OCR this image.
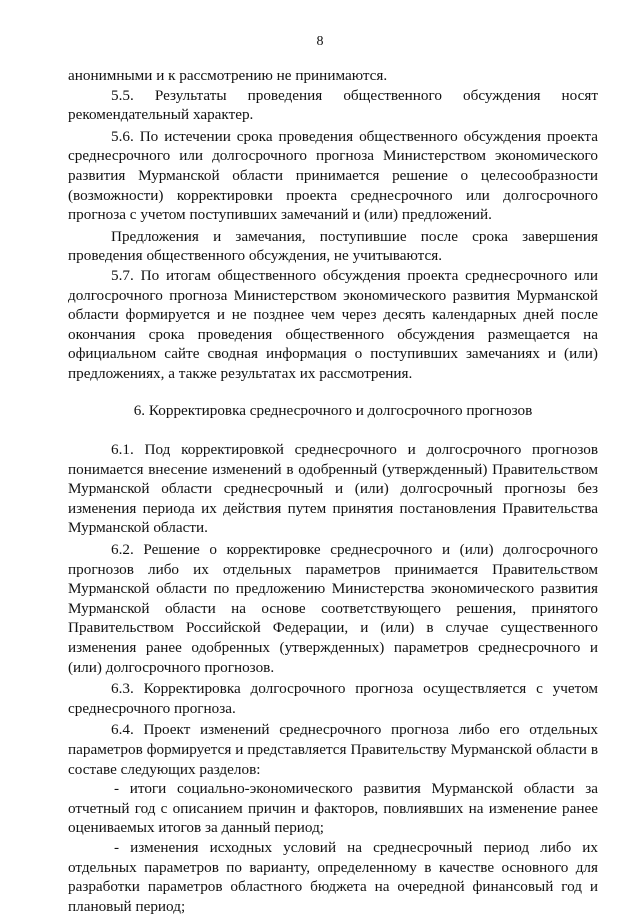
8

анонимными и к рассмотрению не принимаются.

5.5. Результаты проведения общественного обсуждения носят рекомендательный характер.

5.6. По истечении срока проведения общественного обсуждения проекта среднесрочного или долгосрочного прогноза Министерством экономического развития Мурманской области принимается решение о целесообразности (возможности) корректировки проекта среднесрочного или долгосрочного прогноза с учетом поступивших замечаний и (или) предложений.

Предложения и замечания, поступившие после срока завершения проведения общественного обсуждения, не учитываются.

5.7. По итогам общественного обсуждения проекта среднесрочного или долгосрочного прогноза Министерством экономического развития Мурманской области формируется и не позднее чем через десять календарных дней после окончания срока проведения общественного обсуждения размещается на официальном сайте сводная информация о поступивших замечаниях и (или) предложениях, а также результатах их рассмотрения.

6. Корректировка среднесрочного и долгосрочного прогнозов

6.1. Под корректировкой среднесрочного и долгосрочного прогнозов понимается внесение изменений в одобренный (утвержденный) Правительством Мурманской области среднесрочный и (или) долгосрочный прогнозы без изменения периода их действия путем принятия постановления Правительства Мурманской области.

6.2. Решение о корректировке среднесрочного и (или) долгосрочного прогнозов либо их отдельных параметров принимается Правительством Мурманской области по предложению Министерства экономического развития Мурманской области на основе соответствующего решения, принятого Правительством Российской Федерации, и (или) в случае существенного изменения ранее одобренных (утвержденных) параметров среднесрочного и (или) долгосрочного прогнозов.

6.3. Корректировка долгосрочного прогноза осуществляется с учетом среднесрочного прогноза.

6.4. Проект изменений среднесрочного прогноза либо его отдельных параметров формируется и представляется Правительству Мурманской области в составе следующих разделов:

- итоги социально-экономического развития Мурманской области за отчетный год с описанием причин и факторов, повлиявших на изменение ранее оцениваемых итогов за данный период;

- изменения исходных условий на среднесрочный период либо их отдельных параметров по варианту, определенному в качестве основного для разработки параметров областного бюджета на очередной финансовый год и плановый период;
